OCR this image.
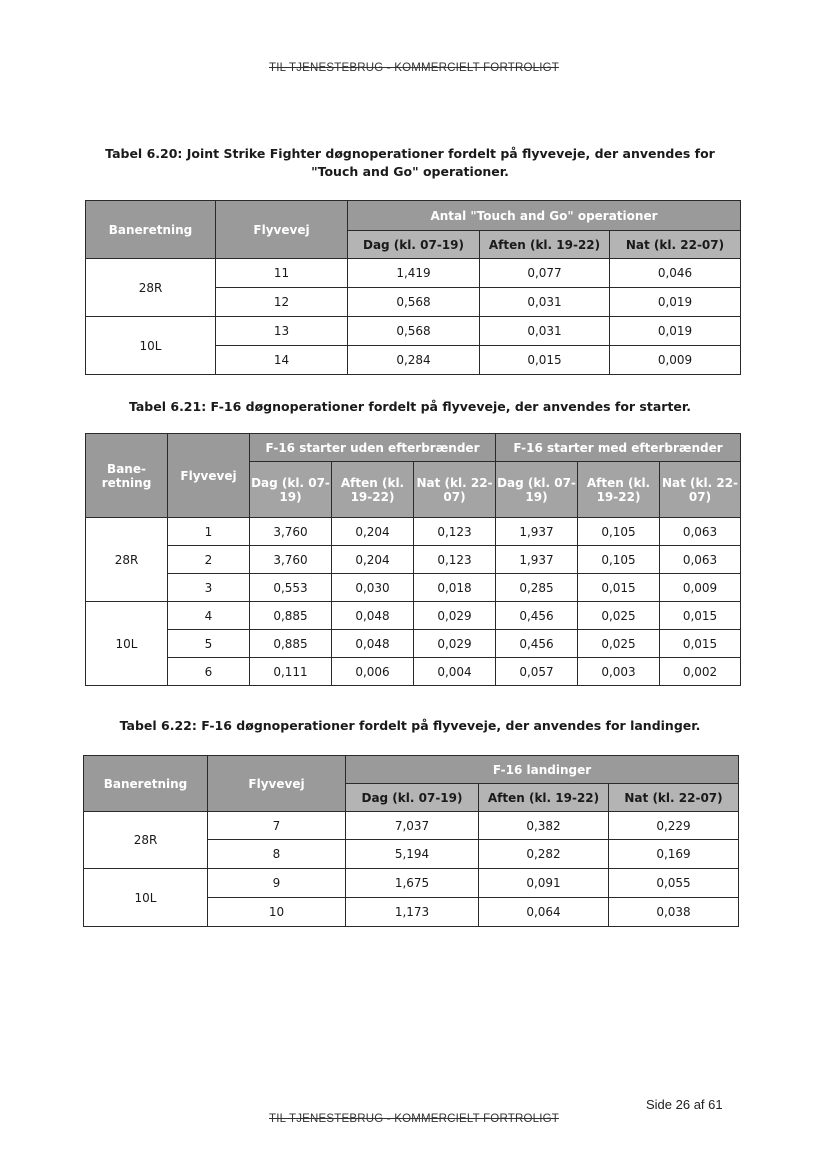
TIL TJENESTEBRUG - KOMMERCIELT FORTROLIGT
Tabel 6.20: Joint Strike Fighter døgnoperationer fordelt på flyveveje, der anvendes for
"Touch and Go" operationer.
Baneretning	Flyvevej	Antal "Touch and Go" operationer		
		Dag (kl. 07-19)	Aften (kl. 19-22)	Nat (kl. 22-07)
28R	11	1,419	0,077	0,046
	12	0,568	0,031	0,019
10L	13	0,568	0,031	0,019
	14	0,284	0,015	0,009
Tabel 6.21: F-16 døgnoperationer fordelt på flyveveje, der anvendes for starter.
Bane-retning	Flyvevej	F-16 starter uden efterbrænder			F-16 starter med efterbrænder		
		Dag (kl. 07-19)	Aften (kl. 19-22)	Nat (kl. 22-07)	Dag (kl. 07-19)	Aften (kl. 19-22)	Nat (kl. 22-07)
28R	1	3,760	0,204	0,123	1,937	0,105	0,063
	2	3,760	0,204	0,123	1,937	0,105	0,063
	3	0,553	0,030	0,018	0,285	0,015	0,009
10L	4	0,885	0,048	0,029	0,456	0,025	0,015
	5	0,885	0,048	0,029	0,456	0,025	0,015
	6	0,111	0,006	0,004	0,057	0,003	0,002
Tabel 6.22: F-16 døgnoperationer fordelt på flyveveje, der anvendes for landinger.
Baneretning	Flyvevej	F-16 landinger		
		Dag (kl. 07-19)	Aften (kl. 19-22)	Nat (kl. 22-07)
28R	7	7,037	0,382	0,229
	8	5,194	0,282	0,169
10L	9	1,675	0,091	0,055
	10	1,173	0,064	0,038
Side 26 af 61
TIL TJENESTEBRUG - KOMMERCIELT FORTROLIGT
